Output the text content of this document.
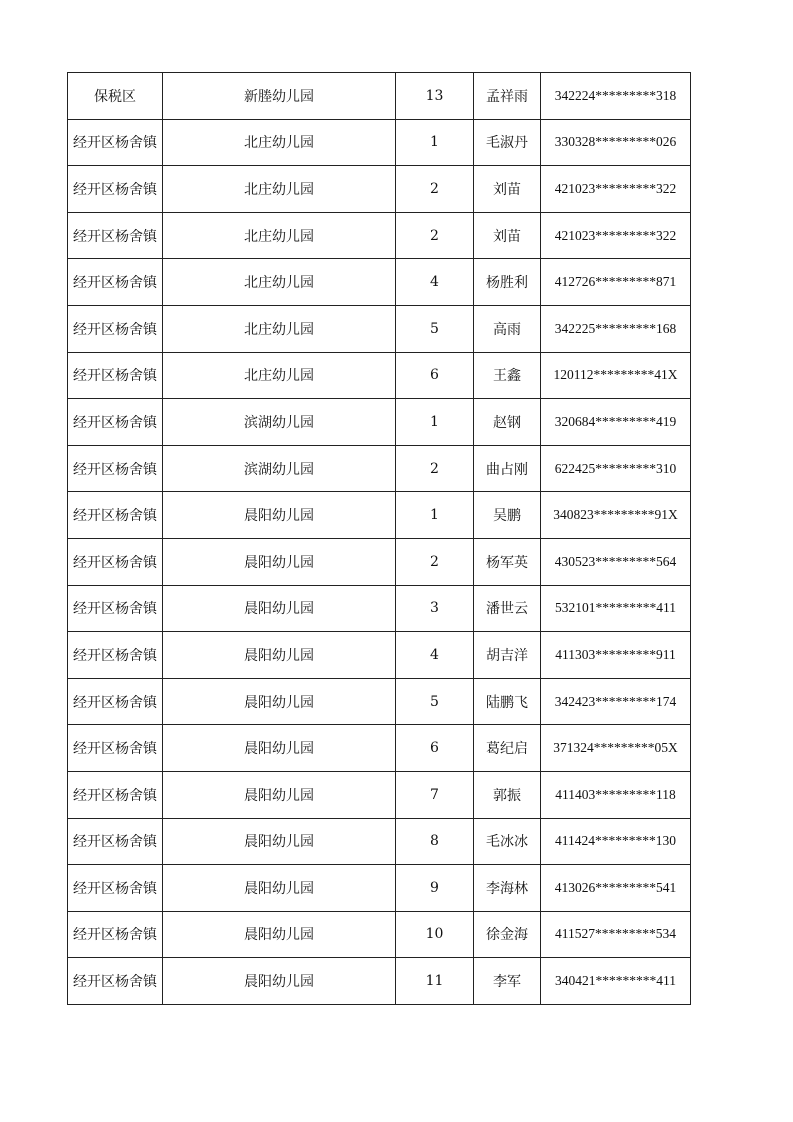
保税区	新塍幼儿园	13	孟祥雨	342224*********318
经开区杨舍镇	北庄幼儿园	1	毛淑丹	330328*********026
经开区杨舍镇	北庄幼儿园	2	刘苗	421023*********322
经开区杨舍镇	北庄幼儿园	2	刘苗	421023*********322
经开区杨舍镇	北庄幼儿园	4	杨胜利	412726*********871
经开区杨舍镇	北庄幼儿园	5	高雨	342225*********168
经开区杨舍镇	北庄幼儿园	6	王鑫	120112*********41X
经开区杨舍镇	滨湖幼儿园	1	赵钢	320684*********419
经开区杨舍镇	滨湖幼儿园	2	曲占刚	622425*********310
经开区杨舍镇	晨阳幼儿园	1	吴鹏	340823*********91X
经开区杨舍镇	晨阳幼儿园	2	杨军英	430523*********564
经开区杨舍镇	晨阳幼儿园	3	潘世云	532101*********411
经开区杨舍镇	晨阳幼儿园	4	胡吉洋	411303*********911
经开区杨舍镇	晨阳幼儿园	5	陆鹏飞	342423*********174
经开区杨舍镇	晨阳幼儿园	6	葛纪启	371324*********05X
经开区杨舍镇	晨阳幼儿园	7	郭振	411403*********118
经开区杨舍镇	晨阳幼儿园	8	毛冰冰	411424*********130
经开区杨舍镇	晨阳幼儿园	9	李海林	413026*********541
经开区杨舍镇	晨阳幼儿园	10	徐金海	411527*********534
经开区杨舍镇	晨阳幼儿园	11	李军	340421*********411
